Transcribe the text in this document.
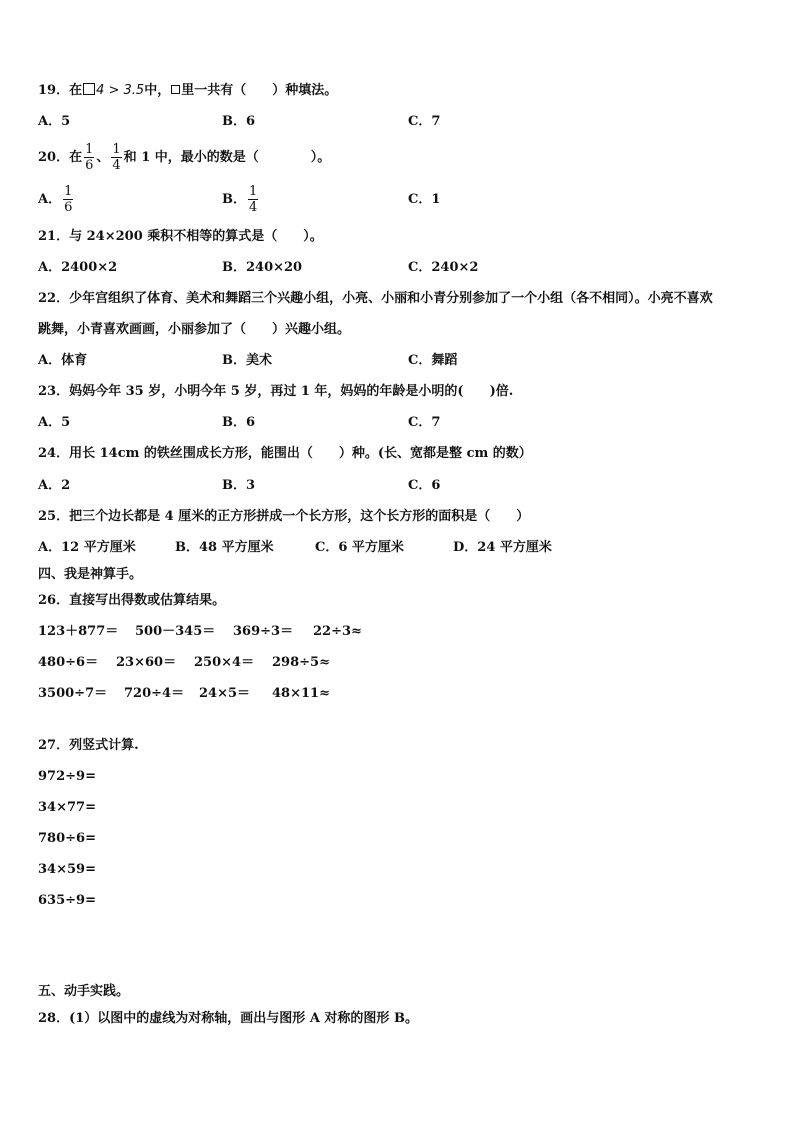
19．在 4 > 3.5中， 里一共有（　　）种填法。
A．5	B．6	C．7
20．在 $\frac{1}{6}$ 、 $\frac{1}{4}$ 和 1 中，最小的数是（　　　　）。
A． $\frac{1}{6}$	B． $\frac{1}{4}$	C．1
21．与 24×200 乘积不相等的算式是（　　）。
A．2400×2	B．240×20	C．240×2
22．少年宫组织了体育、美术和舞蹈三个兴趣小组，小亮、小丽和小青分别参加了一个小组（各不相同）。小亮不喜欢
跳舞，小青喜欢画画，小丽参加了（　　）兴趣小组。
A．体育	B．美术	C．舞蹈
23．妈妈今年 35 岁，小明今年 5 岁，再过 1 年，妈妈的年龄是小明的(　　)倍.
A．5	B．6	C．7
24．用长 14cm 的铁丝围成长方形，能围出（　　）种。(长、宽都是整 cm 的数）
A．2	B．3	C．6
25．把三个边长都是 4 厘米的正方形拼成一个长方形，这个长方形的面积是（　　）
A．12 平方厘米	B．48 平方厘米	C．6 平方厘米	D．24 平方厘米
四、我是神算手。
26．直接写出得数或估算结果。
123＋877＝ 500－345＝ 369÷3＝ 22÷3≈
480÷6＝ 23×60＝ 250×4＝ 298÷5≈
3500÷7＝ 720÷4＝ 24×5＝ 48×11≈
27．列竖式计算.
972÷9=
34×77=
780÷6=
34×59=
635÷9=
五、动手实践。
28．(1）以图中的虚线为对称轴，画出与图形 A 对称的图形 B。
